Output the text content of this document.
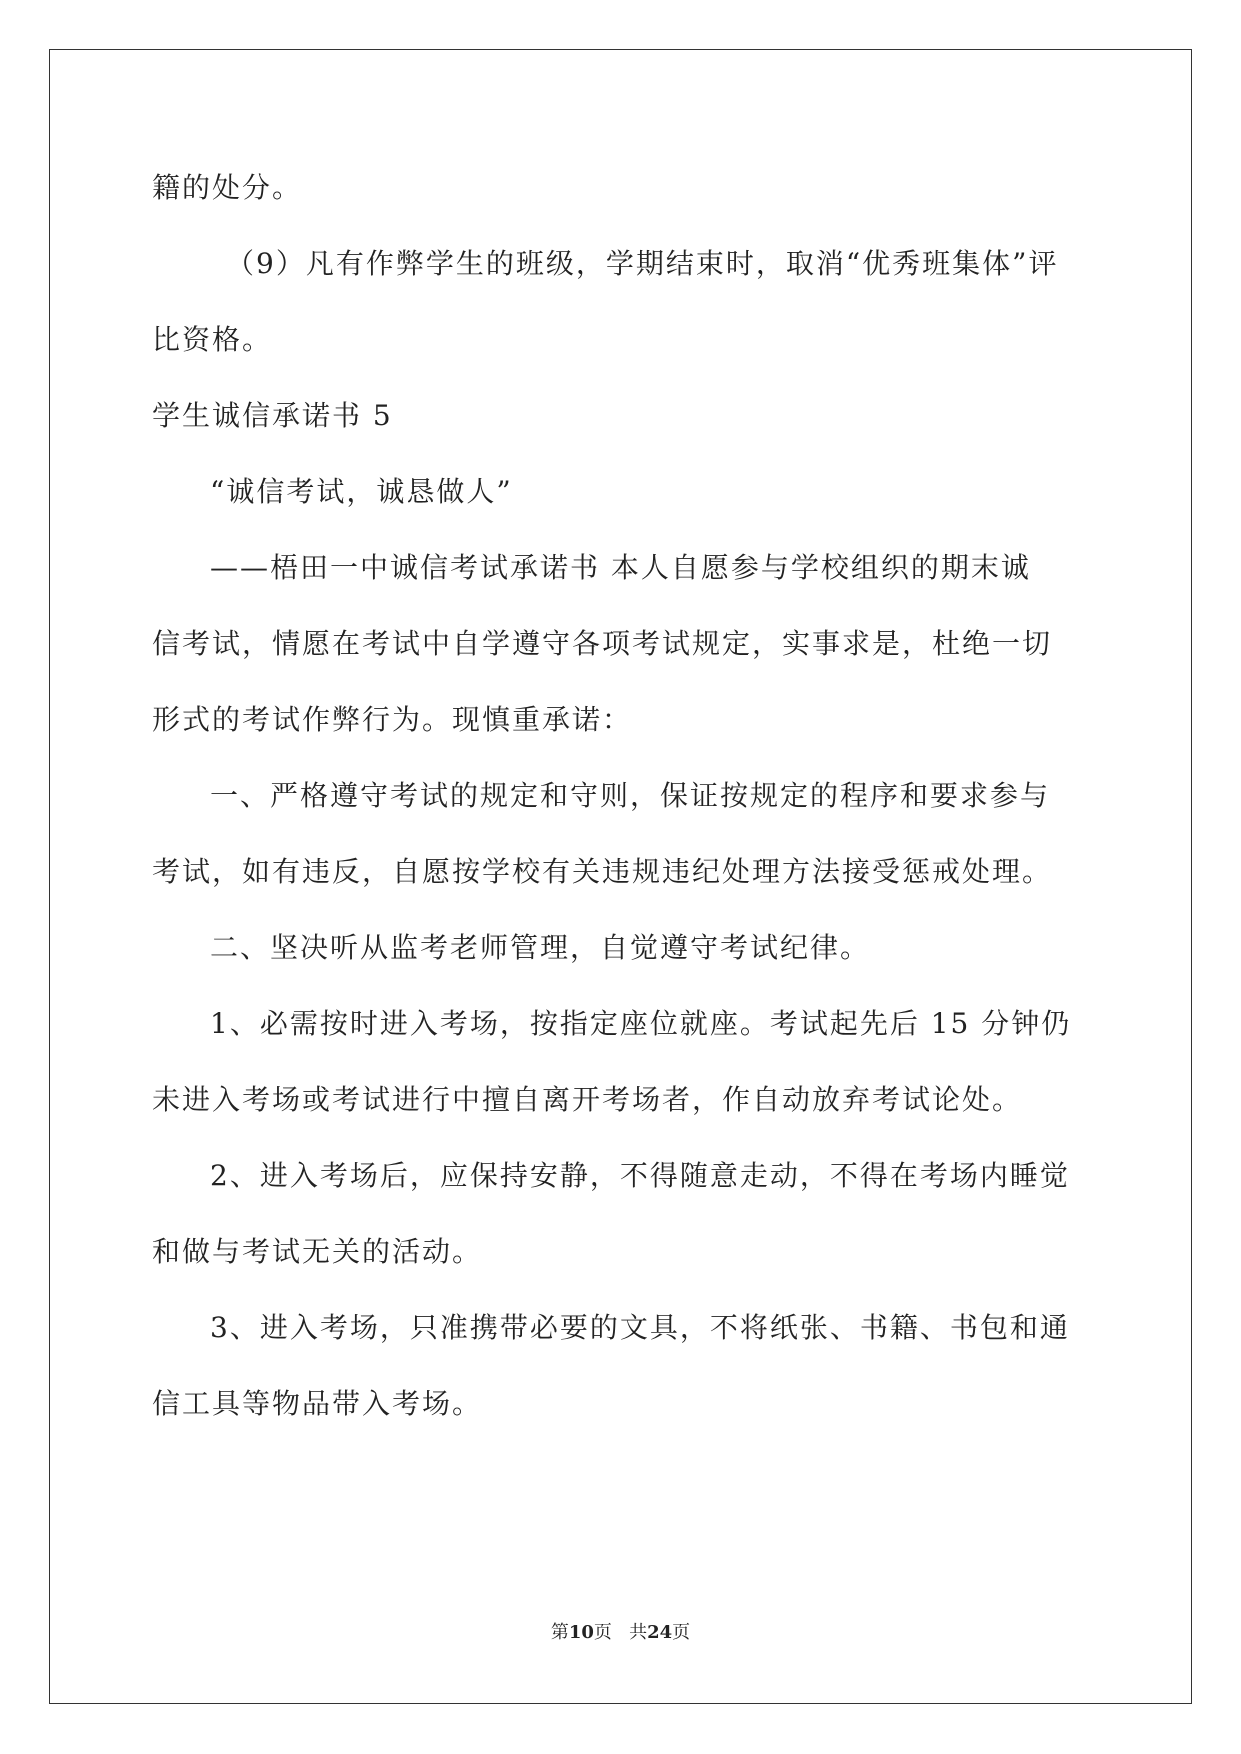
籍的处分。
（9）凡有作弊学生的班级，学期结束时，取消“优秀班集体”评
比资格。
学生诚信承诺书 5
“诚信考试，诚恳做人”
——梧田一中诚信考试承诺书 本人自愿参与学校组织的期末诚
信考试，情愿在考试中自学遵守各项考试规定，实事求是，杜绝一切
形式的考试作弊行为。现慎重承诺：
一、严格遵守考试的规定和守则，保证按规定的程序和要求参与
考试，如有违反，自愿按学校有关违规违纪处理方法接受惩戒处理。
二、坚决听从监考老师管理，自觉遵守考试纪律。
1、必需按时进入考场，按指定座位就座。考试起先后 15 分钟仍
未进入考场或考试进行中擅自离开考场者，作自动放弃考试论处。
2、进入考场后，应保持安静，不得随意走动，不得在考场内睡觉
和做与考试无关的活动。
3、进入考场，只准携带必要的文具，不将纸张、书籍、书包和通
信工具等物品带入考场。
第10页 共24页
